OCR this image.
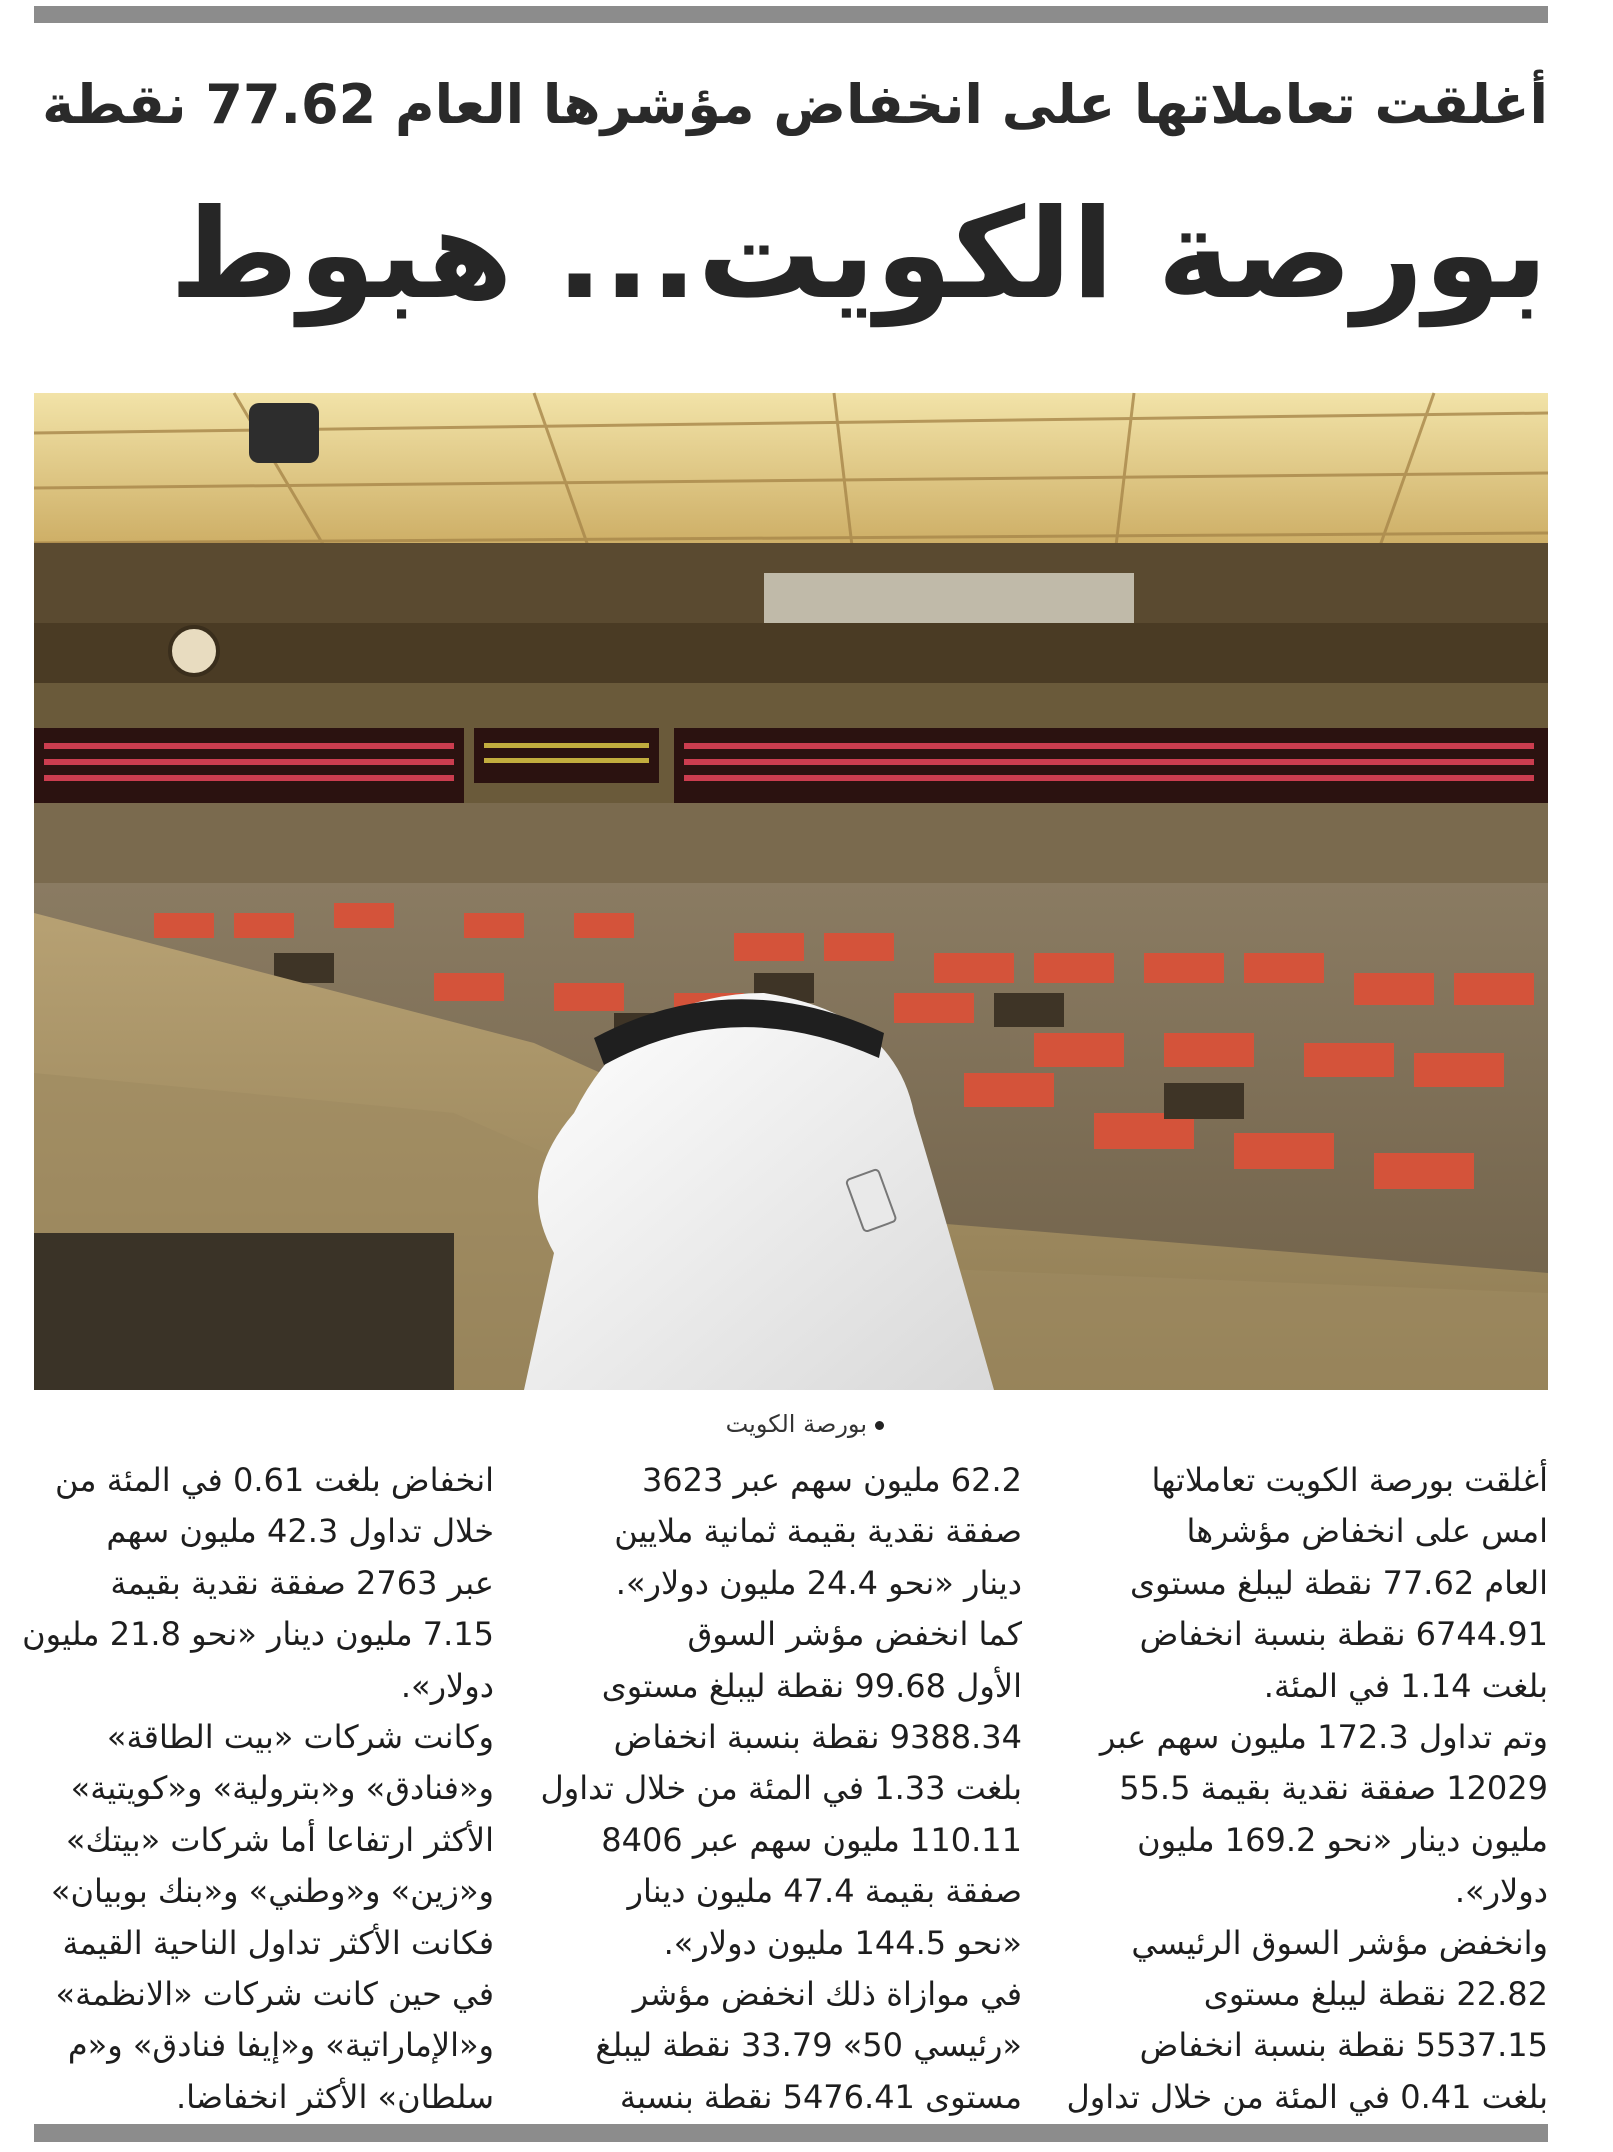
أغلقت تعاملاتها على انخفاض مؤشرها العام 77.62 نقطة
بورصة الكويت... هبوط
بورصة الكويت
أغلقت بورصة الكويت تعاملاتها
امس على انخفاض مؤشرها
العام 77.62 نقطة ليبلغ مستوى
6744.91 نقطة بنسبة انخفاض
بلغت 1.14 في المئة.
وتم تداول 172.3 مليون سهم عبر
12029 صفقة نقدية بقيمة 55.5
مليون دينار «نحو 169.2 مليون
دولار».
وانخفض مؤشر السوق الرئيسي
22.82 نقطة ليبلغ مستوى
5537.15 نقطة بنسبة انخفاض
بلغت 0.41 في المئة من خلال تداول
62.2 مليون سهم عبر 3623
صفقة نقدية بقيمة ثمانية ملايين
دينار «نحو 24.4 مليون دولار».
كما انخفض مؤشر السوق
الأول 99.68 نقطة ليبلغ مستوى
9388.34 نقطة بنسبة انخفاض
بلغت 1.33 في المئة من خلال تداول
110.11 مليون سهم عبر 8406
صفقة بقيمة 47.4 مليون دينار
«نحو 144.5 مليون دولار».
في موازاة ذلك انخفض مؤشر
«رئيسي 50» 33.79 نقطة ليبلغ
مستوى 5476.41 نقطة بنسبة
انخفاض بلغت 0.61 في المئة من
خلال تداول 42.3 مليون سهم
عبر 2763 صفقة نقدية بقيمة
7.15 مليون دينار «نحو 21.8 مليون
دولار».
وكانت شركات «بيت الطاقة»
و«فنادق» و«بترولية» و«كويتية»
الأكثر ارتفاعا أما شركات «بيتك»
و«زين» و«وطني» و«بنك بوبيان»
فكانت الأكثر تداول الناحية القيمة
في حين كانت شركات «الانظمة»
و«الإماراتية» و«إيفا فنادق» و«م
سلطان» الأكثر انخفاضا.
